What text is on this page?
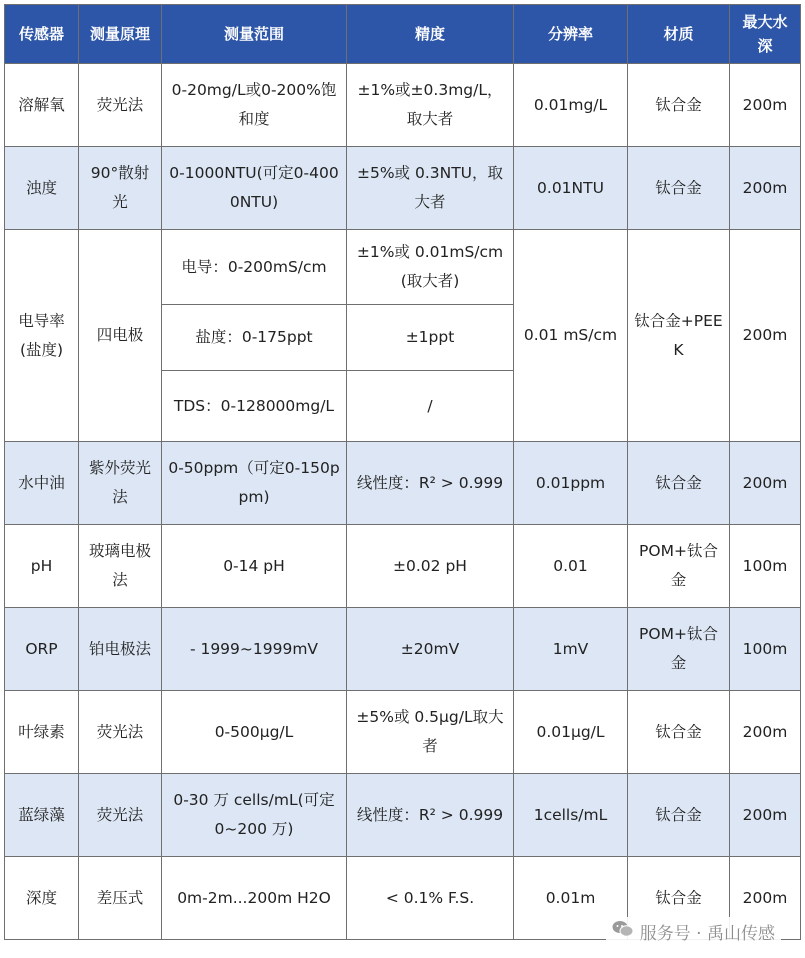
传感器	测量原理	测量范围	精度	分辨率	材质	最大水深
溶解氧	荧光法	0-20mg/L或0-200%饱和度	±1%或±0.3mg/L，取大者	0.01mg/L	钛合金	200m
浊度	90°散射光	0-1000NTU(可定0-4000NTU)	±5%或 0.3NTU，取大者	0.01NTU	钛合金	200m
电导率(盐度)	四电极	电导：0-200mS/cm	±1%或 0.01mS/cm(取大者)	0.01 mS/cm	钛合金+PEEK	200m
		盐度：0-175ppt	±1ppt			
		TDS：0-128000mg/L	/			
水中油	紫外荧光法	0-50ppm（可定0-150ppm)	线性度：R² > 0.999	0.01ppm	钛合金	200m
pH	玻璃电极法	0-14 pH	±0.02 pH	0.01	POM+钛合金	100m
ORP	铂电极法	- 1999~1999mV	±20mV	1mV	POM+钛合金	100m
叶绿素	荧光法	0-500μg/L	±5%或 0.5μg/L取大者	0.01μg/L	钛合金	200m
蓝绿藻	荧光法	0-30 万 cells/mL(可定 0~200 万)	线性度：R² > 0.999	1cells/mL	钛合金	200m
深度	差压式	0m-2m...200m H2O	< 0.1% F.S.	0.01m	钛合金	200m
服务号 · 禹山传感
